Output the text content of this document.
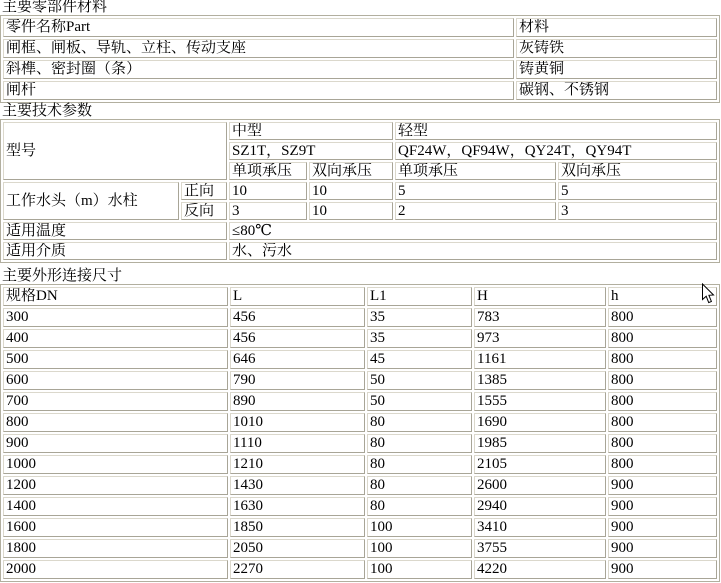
主要零部件材料

零件名称Part	材料
闸框、闸板、导轨、立柱、传动支座	灰铸铁
斜榫、密封圈（条）	铸黄铜
闸杆	碳钢、不锈钢

主要技术参数

型号		中型		轻型	
		SZ1T，SZ9T		QF24W，QF94W，QY24T，QY94T	
		单项承压	双向承压	单项承压	双向承压
工作水头（m）水柱	正向	10	10	5	5
	反向	3	10	2	3
适用温度		≤80℃			
适用介质		水、污水			

主要外形连接尺寸

规格DN	L	L1	H	h
300	456	35	783	800
400	456	35	973	800
500	646	45	1161	800
600	790	50	1385	800
700	890	50	1555	800
800	1010	80	1690	800
900	1110	80	1985	800
1000	1210	80	2105	800
1200	1430	80	2600	900
1400	1630	80	2940	900
1600	1850	100	3410	900
1800	2050	100	3755	900
2000	2270	100	4220	900
